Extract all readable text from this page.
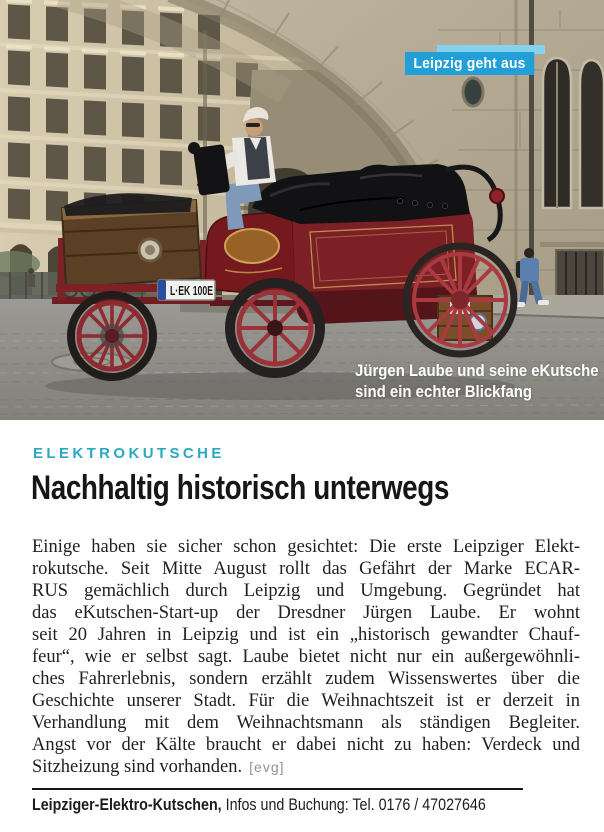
L·EK 100E
Leipzig geht aus
Jürgen Laube und seine eKutsche
sind ein echter Blickfang
ELEKTROKUTSCHE
Nachhaltig historisch unterwegs
Einige haben sie sicher schon gesichtet: Die erste Leipziger Elekt-
rokutsche. Seit Mitte August rollt das Gefährt der Marke ECAR-
RUS gemächlich durch Leipzig und Umgebung. Gegründet hat
das eKutschen-Start-up der Dresdner Jürgen Laube. Er wohnt
seit 20 Jahren in Leipzig und ist ein „historisch gewandter Chauf-
feur“, wie er selbst sagt. Laube bietet nicht nur ein außergewöhnli-
ches Fahrerlebnis, sondern erzählt zudem Wissenswertes über die
Geschichte unserer Stadt. Für die Weihnachtszeit ist er derzeit in
Verhandlung mit dem Weihnachtsmann als ständigen Begleiter.
Angst vor der Kälte braucht er dabei nicht zu haben: Verdeck und
Sitzheizung sind vorhanden. [evg]
Leipziger-Elektro-Kutschen, Infos und Buchung: Tel. 0176 / 47027646
